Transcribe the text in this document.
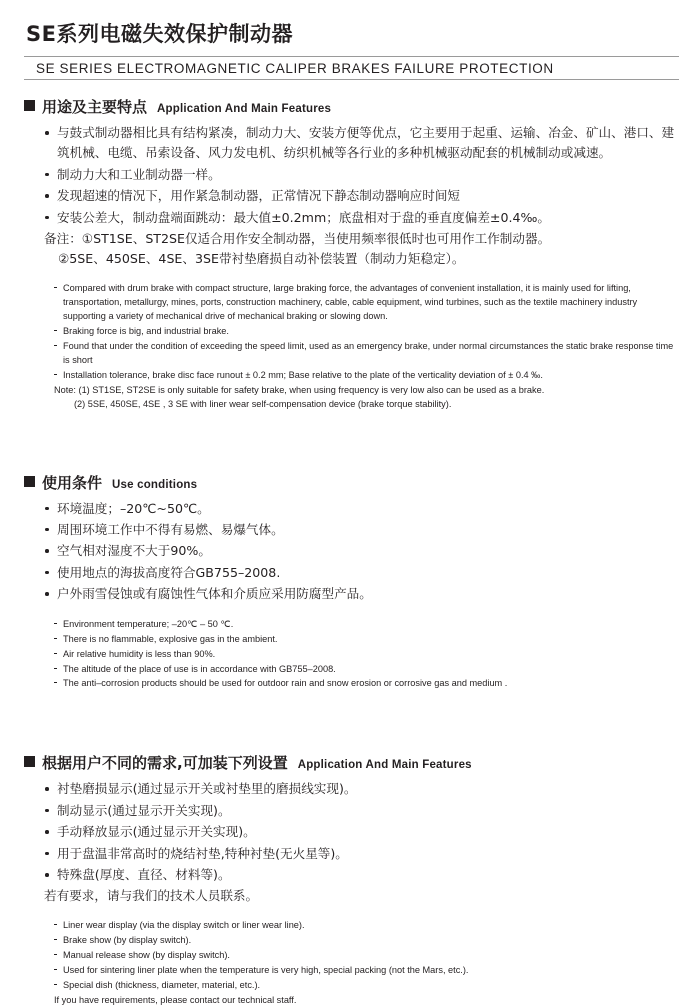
SE系列电磁失效保护制动器
SE SERIES ELECTROMAGNETIC CALIPER BRAKES FAILURE PROTECTION
用途及主要特点 Application And Main Features
与鼓式制动器相比具有结构紧凑，制动力大、安装方便等优点，它主要用于起重、运输、冶金、矿山、港口、建筑机械、电缆、吊索设备、风力发电机、纺织机械等各行业的多种机械驱动配套的机械制动或减速。
制动力大和工业制动器一样。
发现超速的情况下，用作紧急制动器，正常情况下静态制动器响应时间短
安装公差大，制动盘端面跳动：最大值±0.2mm；底盘相对于盘的垂直度偏差±0.4‰。
备注：①ST1SE、ST2SE仅适合用作安全制动器，当使用频率很低时也可用作工作制动器。
②5SE、450SE、4SE、3SE带衬垫磨损自动补偿装置（制动力矩稳定）。
Compared with drum brake with compact structure, large braking force, the advantages of convenient installation, it is mainly used for lifting, transportation, metallurgy, mines, ports, construction machinery, cable, cable equipment, wind turbines, such as the textile machinery industry supporting a variety of mechanical drive of mechanical braking or slowing down.
Braking force is big, and industrial brake.
Found that under the condition of exceeding the speed limit, used as an emergency brake, under normal circumstances the static brake response time is short
Installation tolerance, brake disc face runout ± 0.2 mm; Base relative to the plate of the verticality deviation of ± 0.4 ‰.
Note: (1) ST1SE, ST2SE is only suitable for safety brake, when using frequency is very low also can be used as a brake.
(2) 5SE, 450SE, 4SE , 3 SE with liner wear self-compensation device (brake torque stability).
使用条件 Use conditions
环境温度；–20℃~50℃。
周围环境工作中不得有易燃、易爆气体。
空气相对湿度不大于90%。
使用地点的海拔高度符合GB755–2008.
户外雨雪侵蚀或有腐蚀性气体和介质应采用防腐型产品。
Environment temperature; –20℃ – 50 ℃.
There is no flammable, explosive gas in the ambient.
Air relative humidity is less than 90%.
The altitude of the place of use is in accordance with GB755–2008.
The anti–corrosion products should be used for outdoor rain and snow erosion or corrosive gas and medium .
根据用户不同的需求,可加装下列设置 Application And Main Features
衬垫磨损显示(通过显示开关或衬垫里的磨损线实现)。
制动显示(通过显示开关实现)。
手动释放显示(通过显示开关实现)。
用于盘温非常高时的烧结衬垫,特种衬垫(无火星等)。
特殊盘(厚度、直径、材料等)。
若有要求，请与我们的技术人员联系。
Liner wear display (via the display switch or liner wear line).
Brake show (by display switch).
Manual release show (by display switch).
Used for sintering liner plate when the temperature is very high, special packing (not the Mars, etc.).
Special dish (thickness, diameter, material, etc.).
If you have requirements, please contact our technical staff.
